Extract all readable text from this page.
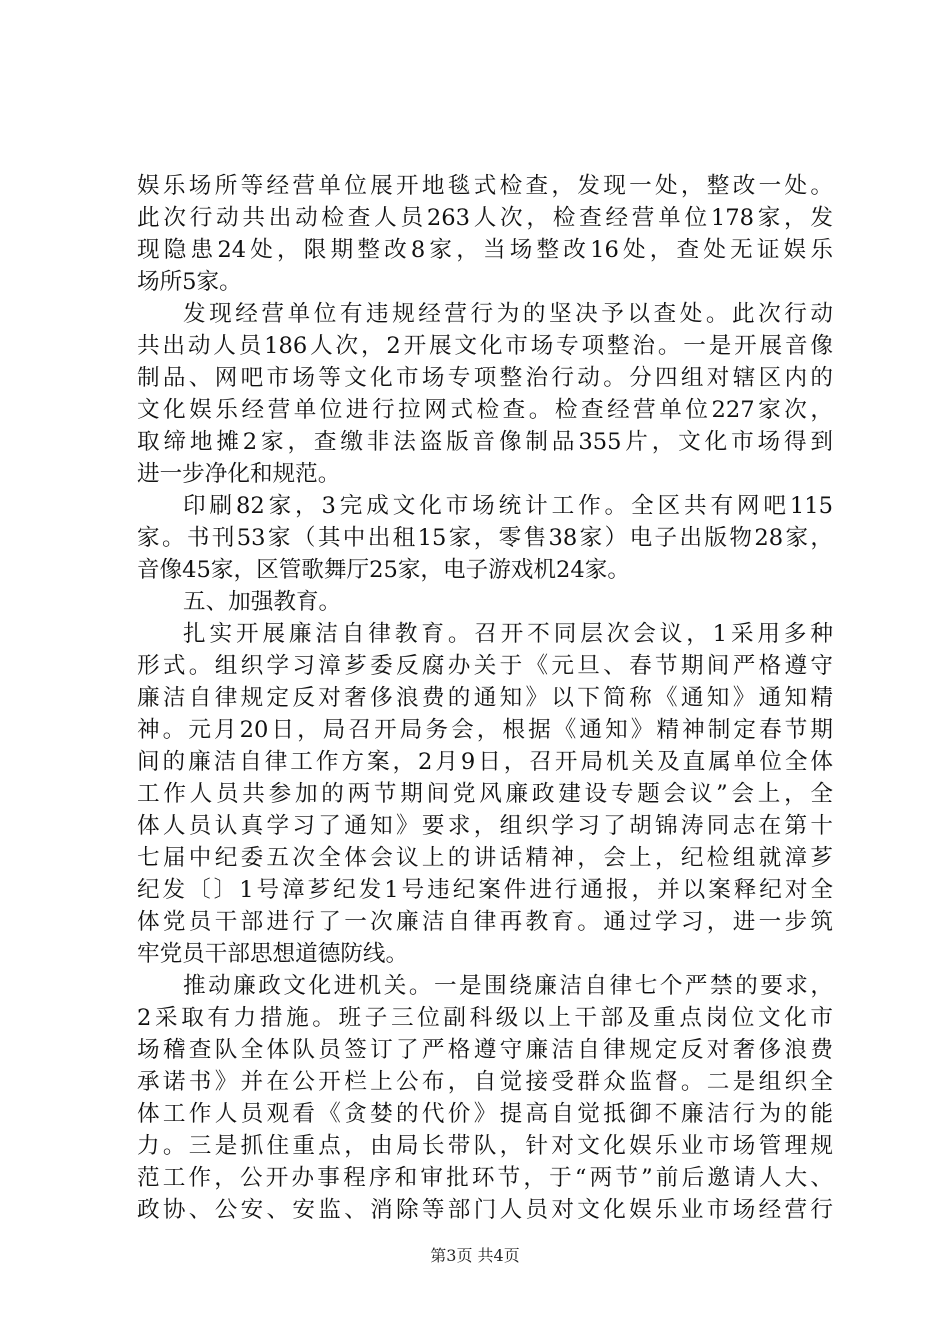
娱乐场所等经营单位展开地毯式检查，发现一处，整改一处。
此次行动共出动检查人员263人次，检查经营单位178家，发
现隐患24处，限期整改8家，当场整改16处，查处无证娱乐
场所5家。
发现经营单位有违规经营行为的坚决予以查处。此次行动
共出动人员186人次，2开展文化市场专项整治。一是开展音像
制品、网吧市场等文化市场专项整治行动。分四组对辖区内的
文化娱乐经营单位进行拉网式检查。检查经营单位227家次，
取缔地摊2家，查缴非法盗版音像制品355片，文化市场得到
进一步净化和规范。
印刷82家，3完成文化市场统计工作。全区共有网吧115
家。书刊53家（其中出租15家，零售38家）电子出版物28家，
音像45家，区管歌舞厅25家，电子游戏机24家。
五、加强教育。
扎实开展廉洁自律教育。召开不同层次会议，1采用多种
形式。组织学习漳芗委反腐办关于《元旦、春节期间严格遵守
廉洁自律规定反对奢侈浪费的通知》以下简称《通知》通知精
神。元月20日，局召开局务会，根据《通知》精神制定春节期
间的廉洁自律工作方案，2月9日，召开局机关及直属单位全体
工作人员共参加的两节期间党风廉政建设专题会议”会上，全
体人员认真学习了通知》要求，组织学习了胡锦涛同志在第十
七届中纪委五次全体会议上的讲话精神，会上，纪检组就漳芗
纪发〔〕1号漳芗纪发1号违纪案件进行通报，并以案释纪对全
体党员干部进行了一次廉洁自律再教育。通过学习，进一步筑
牢党员干部思想道德防线。
推动廉政文化进机关。一是围绕廉洁自律七个严禁的要求，
2采取有力措施。班子三位副科级以上干部及重点岗位文化市
场稽查队全体队员签订了严格遵守廉洁自律规定反对奢侈浪费
承诺书》并在公开栏上公布，自觉接受群众监督。二是组织全
体工作人员观看《贪婪的代价》提高自觉抵御不廉洁行为的能
力。三是抓住重点，由局长带队，针对文化娱乐业市场管理规
范工作，公开办事程序和审批环节，于“两节”前后邀请人大、
政协、公安、安监、消除等部门人员对文化娱乐业市场经营行
第3页 共4页
